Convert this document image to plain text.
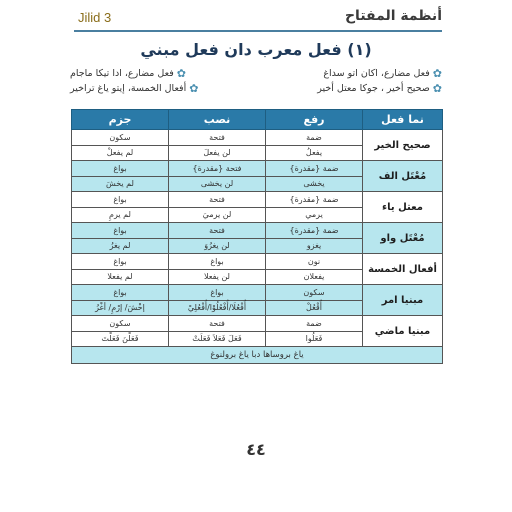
أنظمة المفتاح
Jilid 3
(١) فعل معرب دان فعل مبني
✿
فعل مضارع، اکان اتو سداغ
✿
فعل مضارع، ادا تيکا ماجام
✿
صحيح أخير ، جوکا معتل أخير
✿
أفعال الخمسة، إيتو ياغ تراخير
نما فعل	رفع	نصب	جزم
صحيح الخير	ضمة	فتحة	سكون
	يفعلُ	لن يفعلَ	لم يفعلْ
مُعْتَل الف	ضمة {مقدرة}	فتحة {مقدرة}	بواغ
	يخشى	لن يخشى	لم يخشَ
معتل ياء	ضمة {مقدرة}	فتحة	بواغ
	يرمي	لن يرميَ	لم يرمِ
مُعْتَل واو	ضمة {مقدرة}	فتحة	بواغ
	يغزو	لن يغزُوَ	لم يغزُ
أفعال الخمسة	نون	بواغ	بواغ
	يفعلان	لن يفعلا	لم يفعلا
مبنيا امر	سكون	بواغ	بواغ
	أُقْعُلْ	أُفْعُلَا/أُفْعُلُوْا/أُفْعُلِيْ	إخْشَ/ إرْمِ/ أغْزُ
مبنيا ماضي	ضمة	فتحة	سكون
	فَعَلُوا	فَعَلَ فَعَلاَ فَعَلَتْ	فَعَلْنَ فَعَلْتَ
ياغ بروساها دبا ياغ برولنوغ			
٤٤
